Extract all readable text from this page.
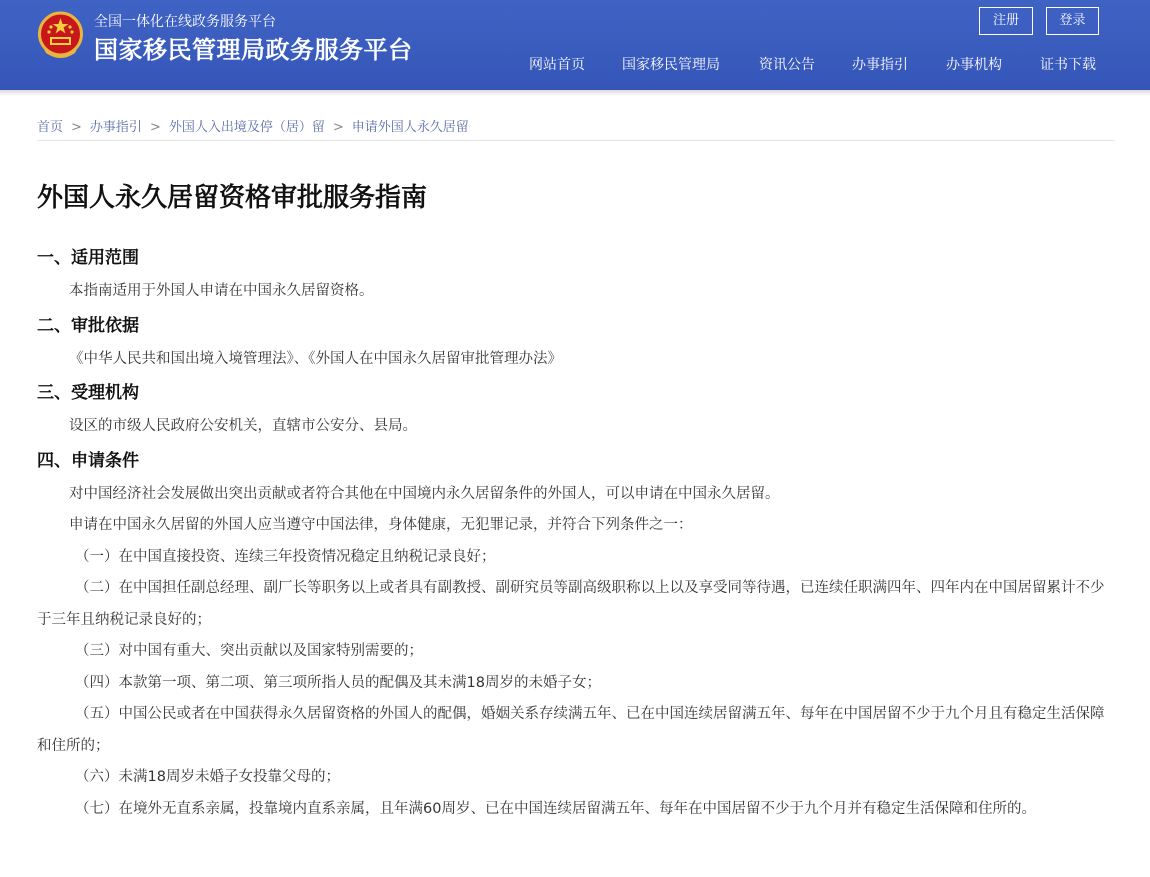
全国一体化在线政务服务平台
国家移民管理局政务服务平台
注册	登录
网站首页	国家移民管理局	资讯公告	办事指引	办事机构	证书下载
首页 > 办事指引 > 外国人入出境及停（居）留 > 申请外国人永久居留
外国人永久居留资格审批服务指南
一、适用范围

本指南适用于外国人申请在中国永久居留资格。

二、审批依据

《中华人民共和国出境入境管理法》、《外国人在中国永久居留审批管理办法》

三、受理机构

设区的市级人民政府公安机关，直辖市公安分、县局。

四、申请条件

对中国经济社会发展做出突出贡献或者符合其他在中国境内永久居留条件的外国人，可以申请在中国永久居留。

申请在中国永久居留的外国人应当遵守中国法律，身体健康，无犯罪记录，并符合下列条件之一：

（一）在中国直接投资、连续三年投资情况稳定且纳税记录良好；

（二）在中国担任副总经理、副厂长等职务以上或者具有副教授、副研究员等副高级职称以上以及享受同等待遇，已连续任职满四年、四年内在中国居留累计不少于三年且纳税记录良好的；

（三）对中国有重大、突出贡献以及国家特别需要的；

（四）本款第一项、第二项、第三项所指人员的配偶及其未满18周岁的未婚子女；

（五）中国公民或者在中国获得永久居留资格的外国人的配偶，婚姻关系存续满五年、已在中国连续居留满五年、每年在中国居留不少于九个月且有稳定生活保障和住所的；

（六）未满18周岁未婚子女投靠父母的；

（七）在境外无直系亲属，投靠境内直系亲属，且年满60周岁、已在中国连续居留满五年、每年在中国居留不少于九个月并有稳定生活保障和住所的。
